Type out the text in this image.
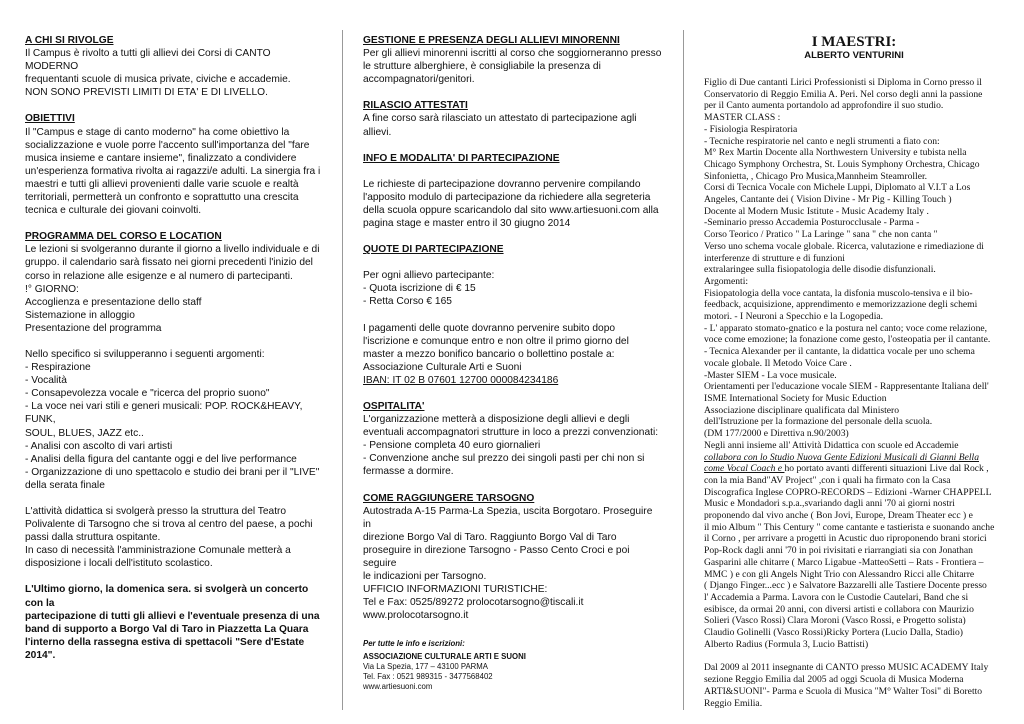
A CHI SI RIVOLGE
Il Campus è rivolto a tutti gli allievi dei Corsi di CANTO MODERNO
frequentanti scuole di musica private, civiche e accademie.
NON SONO PREVISTI LIMITI DI ETA' E DI LIVELLO.
OBIETTIVI
Il "Campus e stage di canto moderno" ha come obiettivo la
socializzazione e vuole porre l'accento sull'importanza del "fare
musica insieme e cantare insieme", finalizzato a condividere
un'esperienza formativa rivolta ai ragazzi/e adulti. La sinergia fra i
maestri e tutti gli allievi provenienti dalle varie scuole e realtà
territoriali, permetterà un confronto e soprattutto una crescita
tecnica e culturale dei giovani coinvolti.
PROGRAMMA DEL CORSO E LOCATION
Le lezioni si svolgeranno durante il giorno a livello individuale e di
gruppo. il calendario sarà fissato nei giorni precedenti l'inizio del
corso in relazione alle esigenze e al numero di partecipanti.
!° GIORNO:
Accoglienza e presentazione dello staff
Sistemazione in alloggio
Presentazione del programma
Nello specifico si svilupperanno i seguenti argomenti:
- Respirazione
- Vocalità
- Consapevolezza vocale e "ricerca del proprio suono"
- La voce nei vari stili e generi musicali: POP. ROCK&HEAVY, FUNK,
SOUL, BLUES, JAZZ etc..
- Analisi con ascolto di vari artisti
- Analisi della figura del cantante oggi e del live performance
- Organizzazione di uno spettacolo e studio dei brani per il "LIVE"
della serata finale
L'attività didattica si svolgerà presso la struttura del Teatro
Polivalente di Tarsogno che si trova al centro del paese, a pochi
passi dalla struttura ospitante.
In caso di necessità l'amministrazione Comunale metterà a
disposizione i locali dell'istituto scolastico.
L'Ultimo giorno, la domenica sera. si svolgerà un concerto con la
partecipazione di tutti gli allievi e l'eventuale presenza di una
band di supporto a Borgo Val di Taro in Piazzetta La Quara
l'interno della rassegna estiva di spettacoli "Sere d'Estate 2014".
GESTIONE E PRESENZA DEGLI ALLIEVI MINORENNI
Per gli allievi minorenni iscritti al corso che soggiorneranno presso
le strutture alberghiere, è consigliabile la presenza di
accompagnatori/genitori.
RILASCIO ATTESTATI
A fine corso sarà rilasciato un attestato di partecipazione agli
allievi.
INFO E MODALITA' DI PARTECIPAZIONE
Le richieste di partecipazione dovranno pervenire compilando
l'apposito modulo di partecipazione da richiedere alla segreteria
della scuola oppure scaricandolo dal sito www.artiesuoni.com alla
pagina stage e master entro il 30 giugno 2014
QUOTE DI PARTECIPAZIONE
Per ogni allievo partecipante:
- Quota iscrizione di € 15
- Retta Corso € 165
I pagamenti delle quote dovranno pervenire subito dopo
l'iscrizione e comunque entro e non oltre il primo giorno del
master a mezzo bonifico bancario o bollettino postale a:
Associazione Culturale Arti e Suoni
IBAN: IT 02 B 07601 12700 000084234186
OSPITALITA'
L'organizzazione metterà a disposizione degli allievi e degli
eventuali accompagnatori strutture in loco a prezzi convenzionati:
- Pensione completa 40 euro giornalieri
- Convenzione anche sul prezzo dei singoli pasti per chi non si
fermasse a dormire.
COME RAGGIUNGERE TARSOGNO
Autostrada A-15 Parma-La Spezia, uscita Borgotaro. Proseguire in
direzione Borgo Val di Taro. Raggiunto Borgo Val di Taro
proseguire in direzione Tarsogno - Passo Cento Croci e poi seguire
le indicazioni per Tarsogno.
UFFICIO INFORMAZIONI TURISTICHE:
Tel e Fax: 0525/89272 prolocotarsogno@tiscali.it
www.prolocotarsogno.it
Per tutte le info e iscrizioni:
ASSOCIAZIONE CULTURALE ARTI E SUONI
Via La Spezia, 177 – 43100 PARMA
Tel. Fax : 0521 989315 - 3477568402
www.artiesuoni.com
I MAESTRI:
ALBERTO VENTURINI
Figlio di Due cantanti Lirici Professionisti si Diploma in Corno presso il
Conservatorio di Reggio Emilia A. Peri. Nel corso degli anni la passione
per il Canto aumenta portandolo ad approfondire il suo studio.
MASTER CLASS :
- Fisiologia Respiratoria
- Tecniche respiratorie nel canto e negli strumenti a fiato con:
M° Rex Martin Docente alla Northwestern University e tubista nella
Chicago Symphony Orchestra, St. Louis Symphony Orchestra, Chicago
Sinfonietta, , Chicago Pro Musica,Mannheim Steamroller.
Corsi di Tecnica Vocale con Michele Luppi, Diplomato al V.I.T a Los
Angeles, Cantante dei ( Vision Divine - Mr Pig - Killing Touch )
Docente al Modern Music Istitute - Music Academy Italy .
-Seminario presso Accademia Posturocclusale - Parma -
Corso Teorico / Pratico " La Laringe " sana " che non canta "
Verso uno schema vocale globale. Ricerca, valutazione e rimediazione di
interferenze di strutture e di funzioni
extralaringee sulla fisiopatologia delle disodie disfunzionali.
Argomenti:
Fisiopatologia della voce cantata, la disfonia muscolo-tensiva e il bio-
feedback, acquisizione, apprendimento e memorizzazione degli schemi
motori. - I Neuroni a Specchio e la Logopedia.
- L' apparato stomato-gnatico e la postura nel canto; voce come relazione,
voce come emozione; la fonazione come gesto, l'osteopatia per il cantante.
- Tecnica Alexander per il cantante, la didattica vocale per uno schema
vocale globale. Il Metodo Voice Care .
-Master SIEM - La voce musicale.
Orientamenti per l'educazione vocale SIEM - Rappresentante Italiana dell'
ISME International Society for Music Eduction
Associazione disciplinare qualificata dal Ministero
dell'Istruzione per la formazione del personale della scuola.
(DM 177/2000 e Direttiva n.90/2003)
Negli anni insieme all' Attività Didattica con scuole ed Accademie
collabora con lo Studio Nuova Gente Edizioni Musicali di Gianni Bella
come Vocal Coach e ho portato avanti differenti situazioni Live dal Rock ,
con la mia Band"AV Project" ,con i quali ha firmato con la Casa
Discografica Inglese COPRO-RECORDS – Edizioni -Warner CHAPPELL
Music e Mondadori s.p.a.,svariando dagli anni '70 ai giorni nostri
proponendo dal vivo anche ( Bon Jovi, Europe, Dream Theater ecc ) e
il mio Album " This Century " come cantante e tastierista e suonando anche
il Corno , per arrivare a progetti in Acustic duo riproponendo brani storici
Pop-Rock dagli anni '70 in poi rivisitati e riarrangiati sia con Jonathan
Gasparini alle chitarre ( Marco Ligabue -MatteoSetti – Rats - Frontiera –
MMC ) e con gli Angels Night Trio con Alessandro Ricci alle Chitarre
( Django Finger...ecc ) e Salvatore Bazzarelli alle Tastiere Docente presso
l' Accademia a Parma. Lavora con le Custodie Cautelari, Band che si
esibisce, da ormai 20 anni, con diversi artisti e collabora con Maurizio
Solieri (Vasco Rossi) Clara Moroni (Vasco Rossi, e Progetto solista)
Claudio Golinelli (Vasco Rossi)Ricky Portera (Lucio Dalla, Stadio)
Alberto Radius (Formula 3, Lucio Battisti)
Dal 2009 al 2011 insegnante di CANTO presso MUSIC ACADEMY Italy
sezione Reggio Emilia dal 2005 ad oggi Scuola di Musica Moderna
ARTI&SUONI"- Parma e Scuola di Musica "M° Walter Tosi" di Boretto
Reggio Emilia.
